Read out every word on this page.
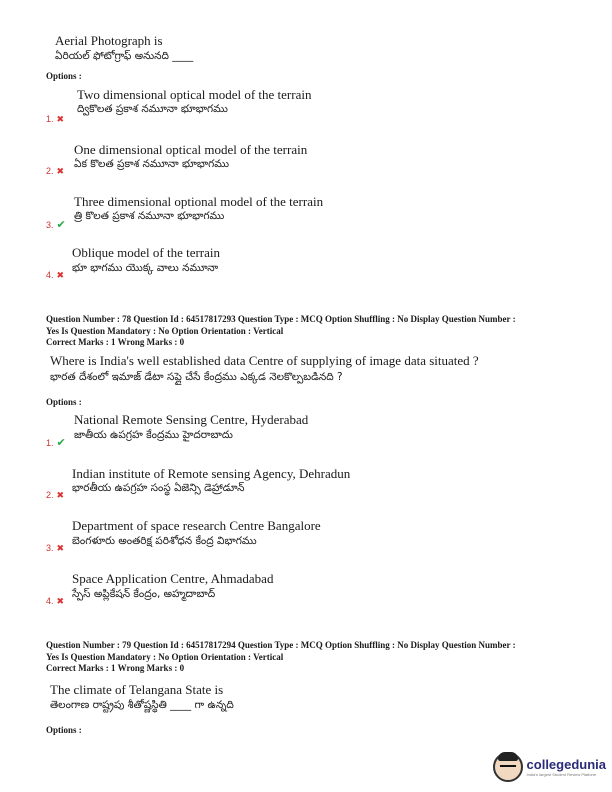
Aerial Photograph is
ఏరియల్ ఫోటోగ్రాఫ్ అనునది ____
Options :
Two dimensional optical model of the terrain
ద్వికొలత ప్రకాశ నమూనా భూభాగము
1. ✖
One dimensional optical model of the terrain
ఏక కొలత ప్రకాశ నమూనా భూభాగము
2. ✖
Three dimensional optional model of the terrain
త్రి కొలత ప్రకాశ నమూనా భూభాగము
3. ✔
Oblique model of the terrain
భూ భాగము యొక్క వాలు నమూనా
4. ✖
Question Number : 78 Question Id : 64517817293 Question Type : MCQ Option Shuffling : No Display Question Number :
Yes Is Question Mandatory : No Option Orientation : Vertical
Correct Marks : 1 Wrong Marks : 0
Where is India's well established data Centre of supplying of image data situated ?
భారత దేశంలో ఇమాజ్ డేటా సప్లై చేసే కేంద్రము ఎక్కడ నెలకొల్పబడినది ?
Options :
National Remote Sensing Centre, Hyderabad
జాతీయ ఉపగ్రహ కేంద్రము హైదరాబాదు
1. ✔
Indian institute of Remote sensing Agency, Dehradun
భారతీయ ఉపగ్రహ సంస్థ ఏజెన్సి డెహ్రాడూన్
2. ✖
Department of space research Centre Bangalore
బెంగళూరు అంతరిక్ష పరిశోధన కేంద్ర విభాగము
3. ✖
Space Application Centre, Ahmadabad
స్పేస్ అప్లికేషన్ కేంద్రం, అహ్మదాబాద్
4. ✖
Question Number : 79 Question Id : 64517817294 Question Type : MCQ Option Shuffling : No Display Question Number :
Yes Is Question Mandatory : No Option Orientation : Vertical
Correct Marks : 1 Wrong Marks : 0
The climate of Telangana State is
తెలంగాణ రాష్ట్రపు శీతోష్ణస్థితి ____ గా ఉన్నది
Options :
collegedunia
India's largest Student Review Platform
